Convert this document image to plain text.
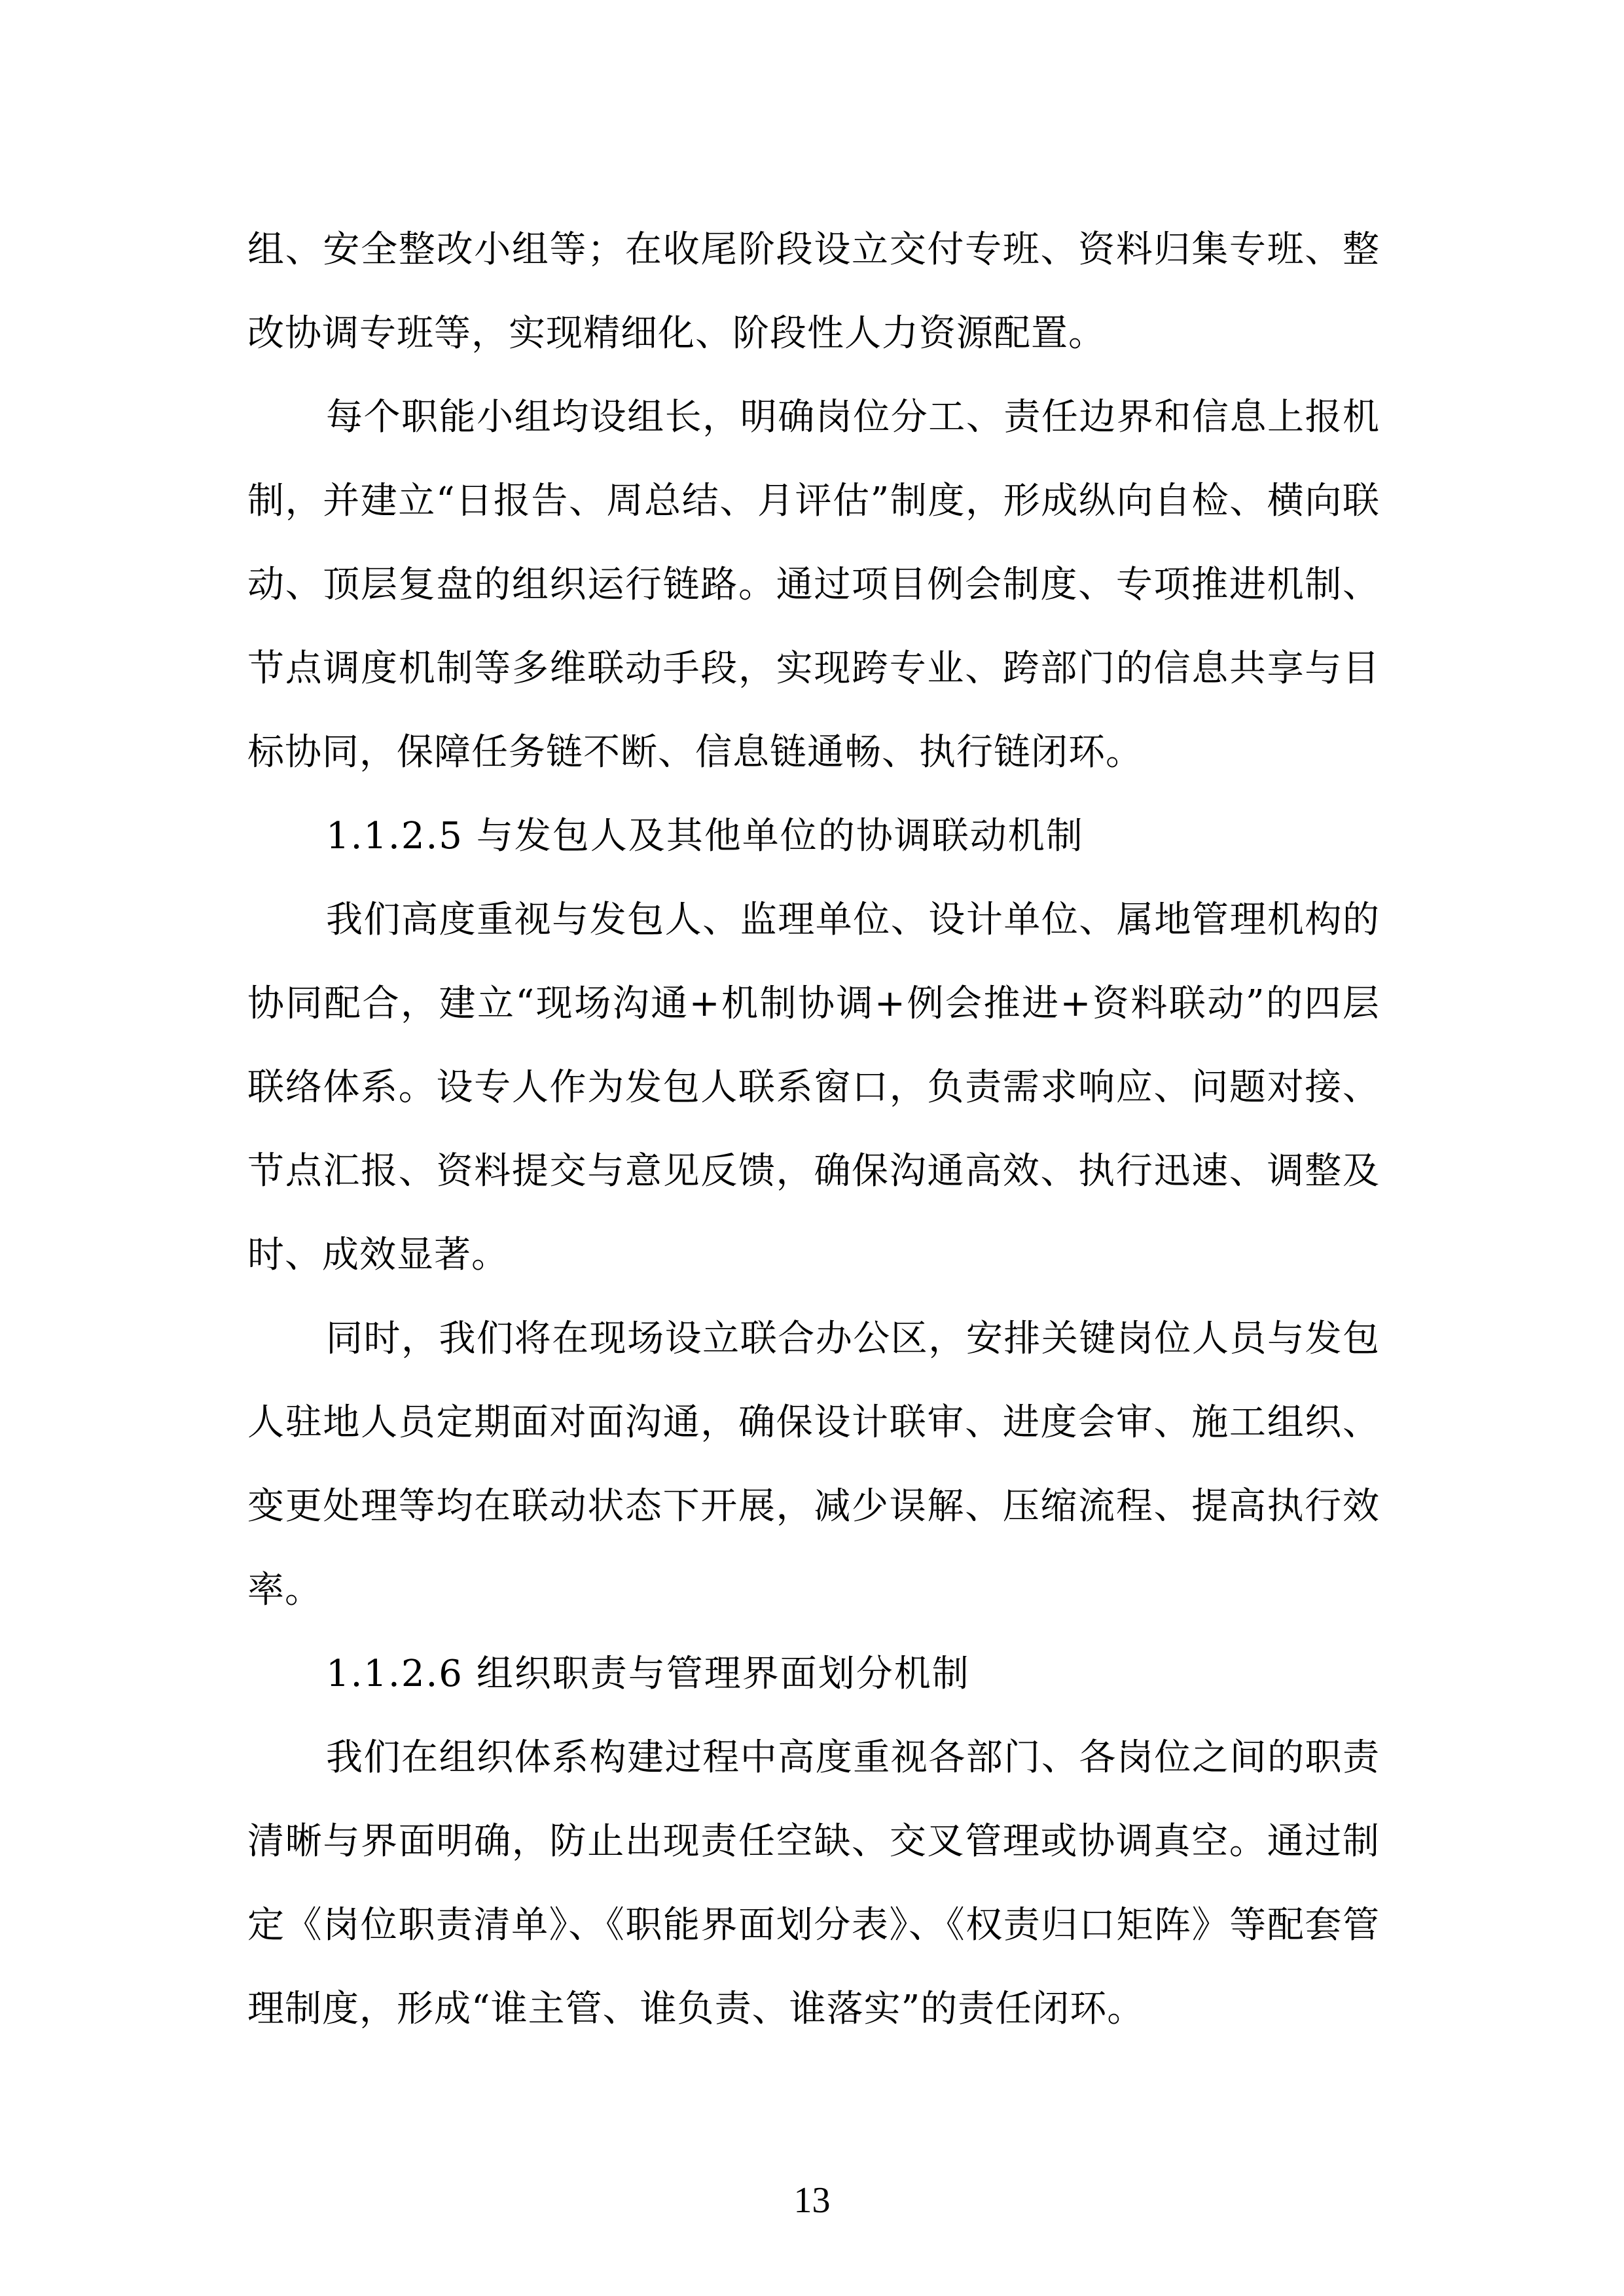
组、安全整改小组等；在收尾阶段设立交付专班、资料归集专班、整改协调专班等，实现精细化、阶段性人力资源配置。

每个职能小组均设组长，明确岗位分工、责任边界和信息上报机制，并建立“日报告、周总结、月评估”制度，形成纵向自检、横向联动、顶层复盘的组织运行链路。通过项目例会制度、专项推进机制、节点调度机制等多维联动手段，实现跨专业、跨部门的信息共享与目标协同，保障任务链不断、信息链通畅、执行链闭环。

1.1.2.5 与发包人及其他单位的协调联动机制

我们高度重视与发包人、监理单位、设计单位、属地管理机构的协同配合，建立“现场沟通+机制协调+例会推进+资料联动”的四层联络体系。设专人作为发包人联系窗口，负责需求响应、问题对接、节点汇报、资料提交与意见反馈，确保沟通高效、执行迅速、调整及时、成效显著。

同时，我们将在现场设立联合办公区，安排关键岗位人员与发包人驻地人员定期面对面沟通，确保设计联审、进度会审、施工组织、变更处理等均在联动状态下开展，减少误解、压缩流程、提高执行效率。

1.1.2.6 组织职责与管理界面划分机制

我们在组织体系构建过程中高度重视各部门、各岗位之间的职责清晰与界面明确，防止出现责任空缺、交叉管理或协调真空。通过制定《岗位职责清单》、《职能界面划分表》、《权责归口矩阵》等配套管理制度，形成“谁主管、谁负责、谁落实”的责任闭环。

13
